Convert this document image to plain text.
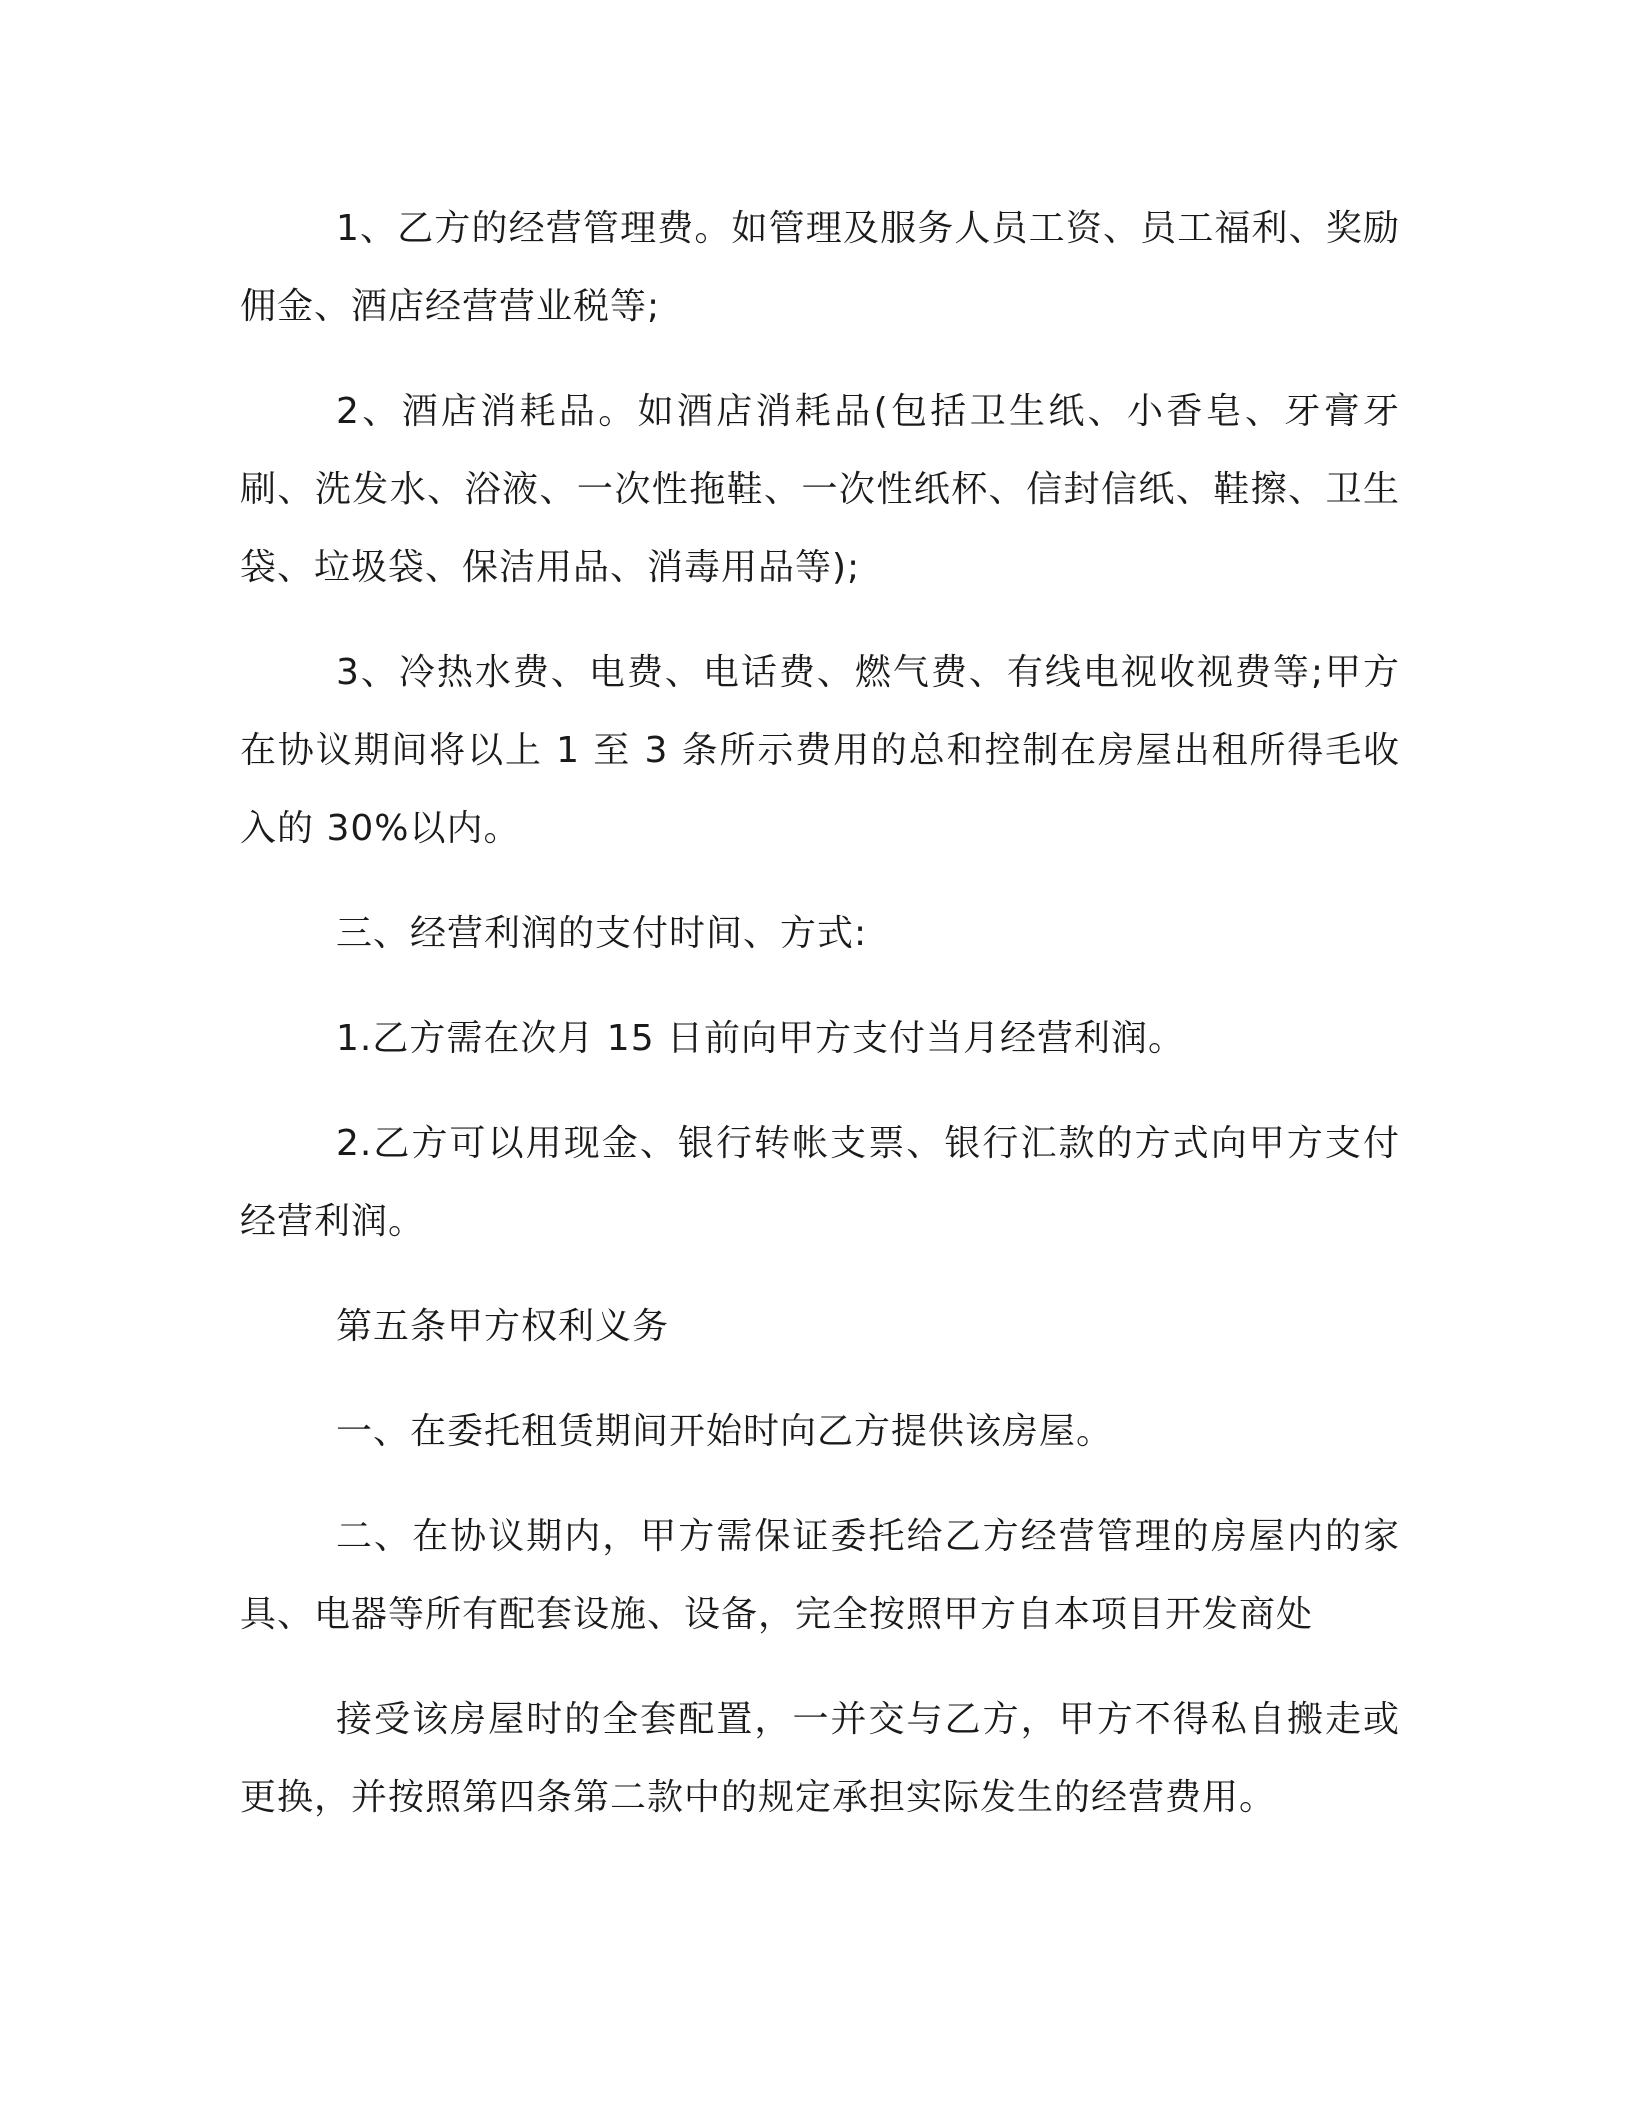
1、乙方的经营管理费。如管理及服务人员工资、员工福利、奖励佣金、酒店经营营业税等;

2、酒店消耗品。如酒店消耗品(包括卫生纸、小香皂、牙膏牙刷、洗发水、浴液、一次性拖鞋、一次性纸杯、信封信纸、鞋擦、卫生袋、垃圾袋、保洁用品、消毒用品等);

3、冷热水费、电费、电话费、燃气费、有线电视收视费等;甲方在协议期间将以上 1 至 3 条所示费用的总和控制在房屋出租所得毛收入的 30%以内。

三、经营利润的支付时间、方式:

1.乙方需在次月 15 日前向甲方支付当月经营利润。

2.乙方可以用现金、银行转帐支票、银行汇款的方式向甲方支付经营利润。

第五条甲方权利义务

一、在委托租赁期间开始时向乙方提供该房屋。

二、在协议期内，甲方需保证委托给乙方经营管理的房屋内的家具、电器等所有配套设施、设备，完全按照甲方自本项目开发商处

接受该房屋时的全套配置，一并交与乙方，甲方不得私自搬走或更换，并按照第四条第二款中的规定承担实际发生的经营费用。
